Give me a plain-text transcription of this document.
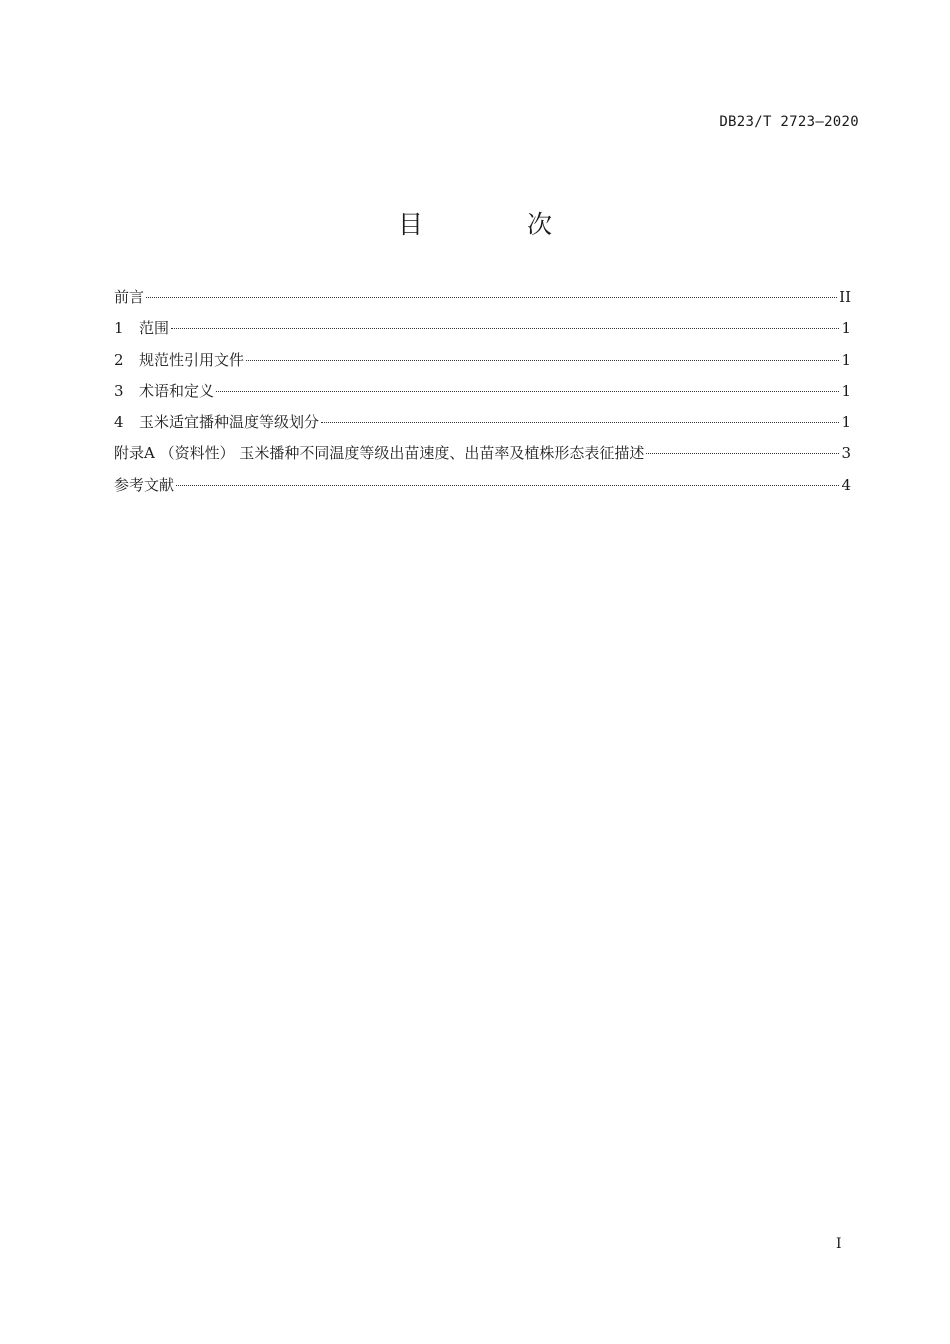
DB23/T 2723—2020
目 次
前言	II
1	范围	1
2	规范性引用文件	1
3	术语和定义	1
4	玉米适宜播种温度等级划分	1
附录A （资料性） 玉米播种不同温度等级出苗速度、出苗率及植株形态表征描述	3
参考文献	4
I
